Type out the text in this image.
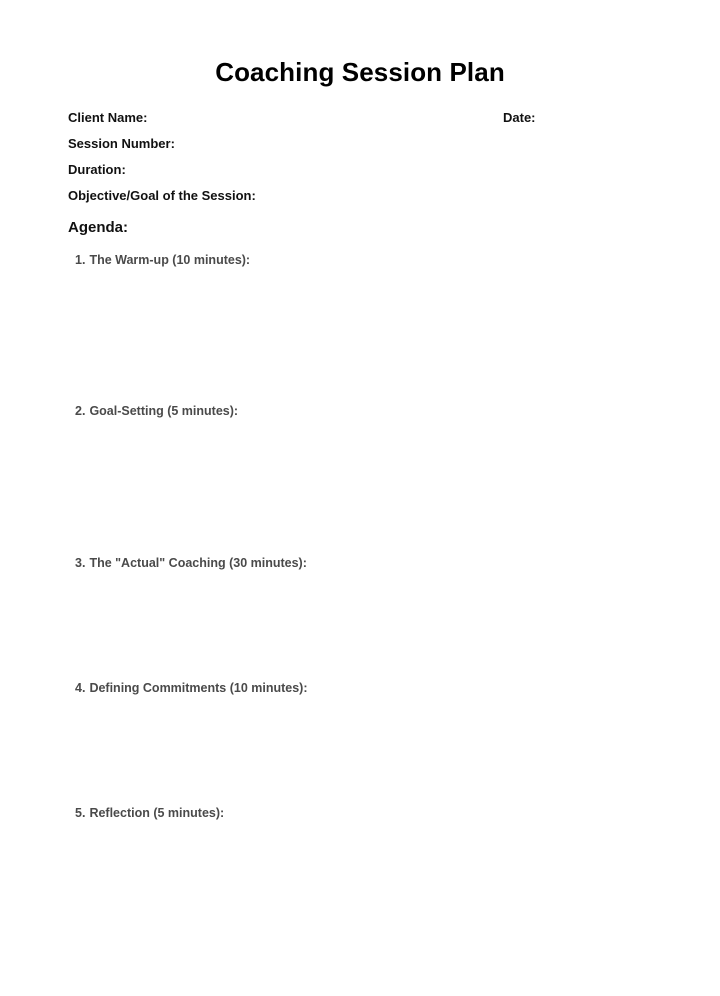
Coaching Session Plan
Client Name:	Date:
Session Number:
Duration:
Objective/Goal of the Session:
Agenda:
1. The Warm-up (10 minutes):
2. Goal-Setting (5 minutes):
3. The "Actual" Coaching (30 minutes):
4. Defining Commitments (10 minutes):
5. Reflection (5 minutes):
